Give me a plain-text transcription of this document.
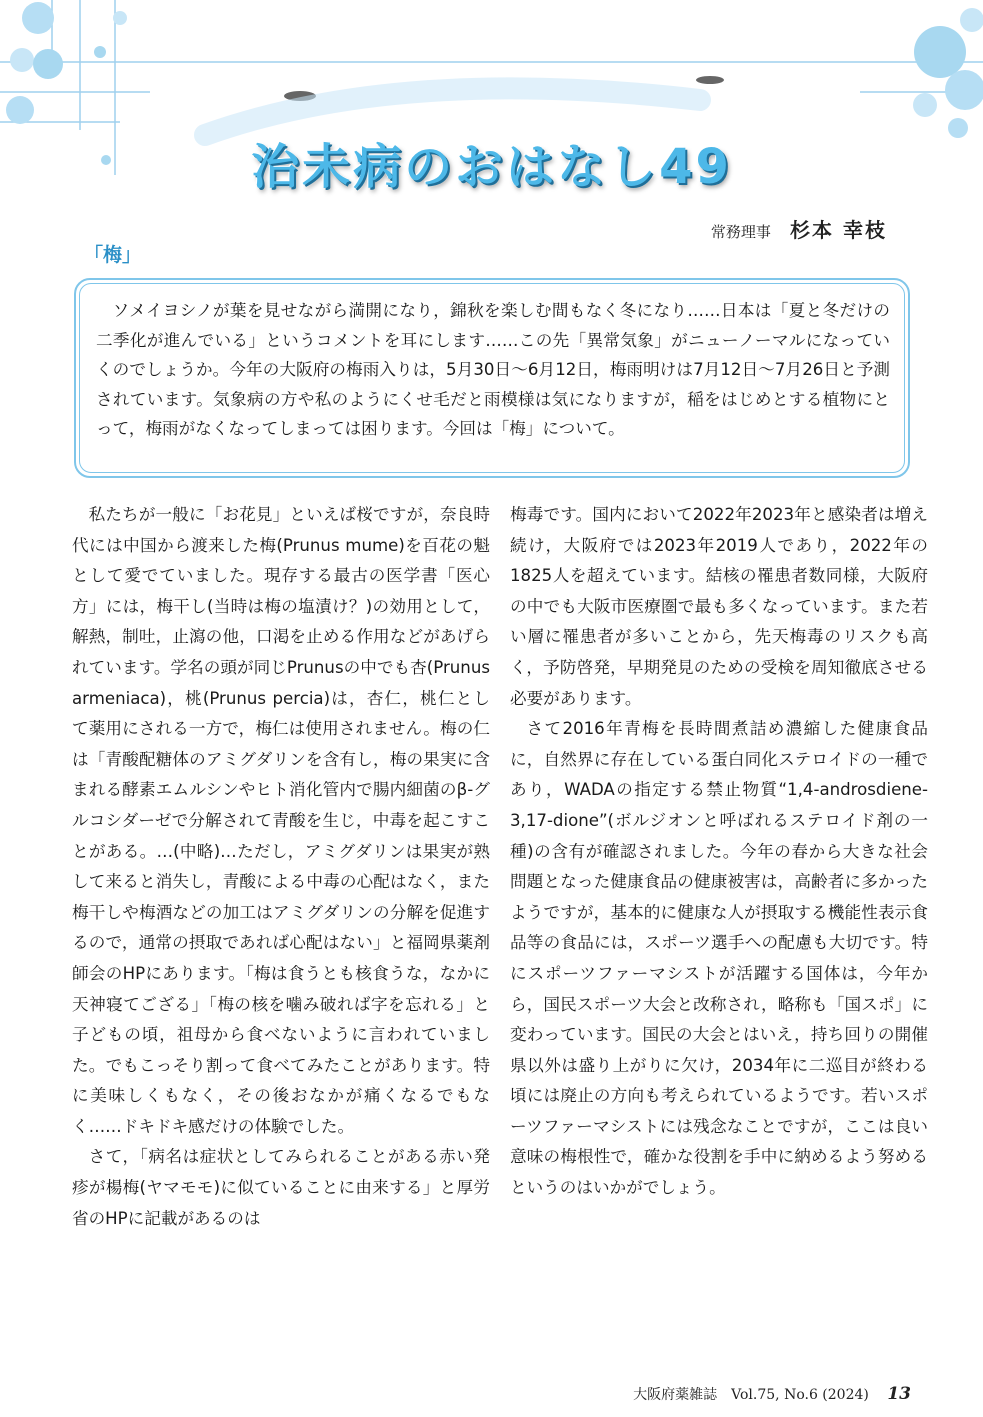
治未病のおはなし49
常務理事 杉本 幸枝
「梅」
ソメイヨシノが葉を見せながら満開になり，錦秋を楽しむ間もなく冬になり……日本は「夏と冬だけの二季化が進んでいる」というコメントを耳にします……この先「異常気象」がニューノーマルになっていくのでしょうか。今年の大阪府の梅雨入りは，5月30日～6月12日，梅雨明けは7月12日～7月26日と予測されています。気象病の方や私のようにくせ毛だと雨模様は気になりますが，稲をはじめとする植物にとって，梅雨がなくなってしまっては困ります。今回は「梅」について。

私たちが一般に「お花見」といえば桜ですが，奈良時代には中国から渡来した梅(Prunus mume)を百花の魁として愛でていました。現存する最古の医学書「医心方」には，梅干し(当時は梅の塩漬け？)の効用として，解熱，制吐，止瀉の他，口渇を止める作用などがあげられています。学名の頭が同じPrunusの中でも杏(Prunus armeniaca)，桃(Prunus percia)は，杏仁，桃仁として薬用にされる一方で，梅仁は使用されません。梅の仁は「青酸配糖体のアミグダリンを含有し，梅の果実に含まれる酵素エムルシンやヒト消化管内で腸内細菌のβ-グルコシダーゼで分解されて青酸を生じ，中毒を起こすことがある。…(中略)…ただし，アミグダリンは果実が熟して来ると消失し，青酸による中毒の心配はなく，また梅干しや梅酒などの加工はアミグダリンの分解を促進するので，通常の摂取であれば心配はない」と福岡県薬剤師会のHPにあります。「梅は食うとも核食うな，なかに天神寝てござる」「梅の核を噛み破れば字を忘れる」と子どもの頃，祖母から食べないように言われていました。でもこっそり割って食べてみたことがあります。特に美味しくもなく，その後おなかが痛くなるでもなく……ドキドキ感だけの体験でした。

さて，「病名は症状としてみられることがある赤い発疹が楊梅(ヤマモモ)に似ていることに由来する」と厚労省のHPに記載があるのは

梅毒です。国内において2022年2023年と感染者は増え続け，大阪府では2023年2019人であり，2022年の1825人を超えています。結核の罹患者数同様，大阪府の中でも大阪市医療圏で最も多くなっています。また若い層に罹患者が多いことから，先天梅毒のリスクも高く，予防啓発，早期発見のための受検を周知徹底させる必要があります。

さて2016年青梅を長時間煮詰め濃縮した健康食品に，自然界に存在している蛋白同化ステロイドの一種であり，WADAの指定する禁止物質“1,4-androsdiene-3,17-dione”(ボルジオンと呼ばれるステロイド剤の一種)の含有が確認されました。今年の春から大きな社会問題となった健康食品の健康被害は，高齢者に多かったようですが，基本的に健康な人が摂取する機能性表示食品等の食品には，スポーツ選手への配慮も大切です。特にスポーツファーマシストが活躍する国体は，今年から，国民スポーツ大会と改称され，略称も「国スポ」に変わっています。国民の大会とはいえ，持ち回りの開催県以外は盛り上がりに欠け，2034年に二巡目が終わる頃には廃止の方向も考えられているようです。若いスポーツファーマシストには残念なことですが，ここは良い意味の梅根性で，確かな役割を手中に納めるよう努めるというのはいかがでしょう。

大阪府薬雑誌　Vol.75, No.6 (2024) 13
